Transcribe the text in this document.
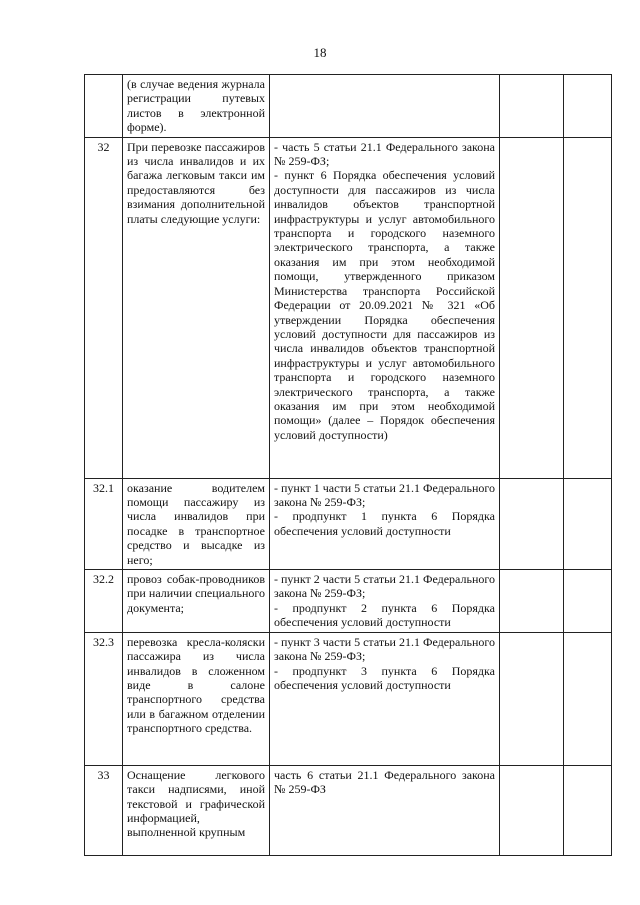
18
	(в случае ведения журнала регистрации путевых листов в электронной форме).			
32	При перевозке пассажиров из числа инвалидов и их багажа легковым такси им предоставляются без взимания дополнительной платы следующие услуги:	- часть 5 статьи 21.1 Федерального закона № 259-ФЗ;
- пункт 6 Порядка обеспечения условий доступности для пассажиров из числа инвалидов объектов транспортной инфраструктуры и услуг автомобильного транспорта и городского наземного электрического транспорта, а также оказания им при этом необходимой помощи, утвержденного приказом Министерства транспорта Российской Федерации от 20.09.2021 № 321 «Об утверждении Порядка обеспечения условий доступности для пассажиров из числа инвалидов объектов транспортной инфраструктуры и услуг автомобильного транспорта и городского наземного электрического транспорта, а также оказания им при этом необходимой помощи» (далее – Порядок обеспечения условий доступности)		

32.1	оказание водителем помощи пассажиру из числа инвалидов при посадке в транспортное средство и высадке из него;	- пункт 1 части 5 статьи 21.1 Федерального закона № 259-ФЗ;
- продпункт 1 пункта 6 Порядка обеспечения условий доступности		

32.2	провоз собак-проводников при наличии специального документа;	- пункт 2 части 5 статьи 21.1 Федерального закона № 259-ФЗ;
- продпункт 2 пункта 6 Порядка обеспечения условий доступности		

32.3	перевозка кресла-коляски пассажира из числа инвалидов в сложенном виде в салоне транспортного средства или в багажном отделении транспортного средства.	- пункт 3 части 5 статьи 21.1 Федерального закона № 259-ФЗ;
- продпункт 3 пункта 6 Порядка обеспечения условий доступности		

33	Оснащение легкового такси надписями, иной текстовой и графической информацией, выполненной крупным	часть 6 статьи 21.1 Федерального закона № 259-ФЗ		
